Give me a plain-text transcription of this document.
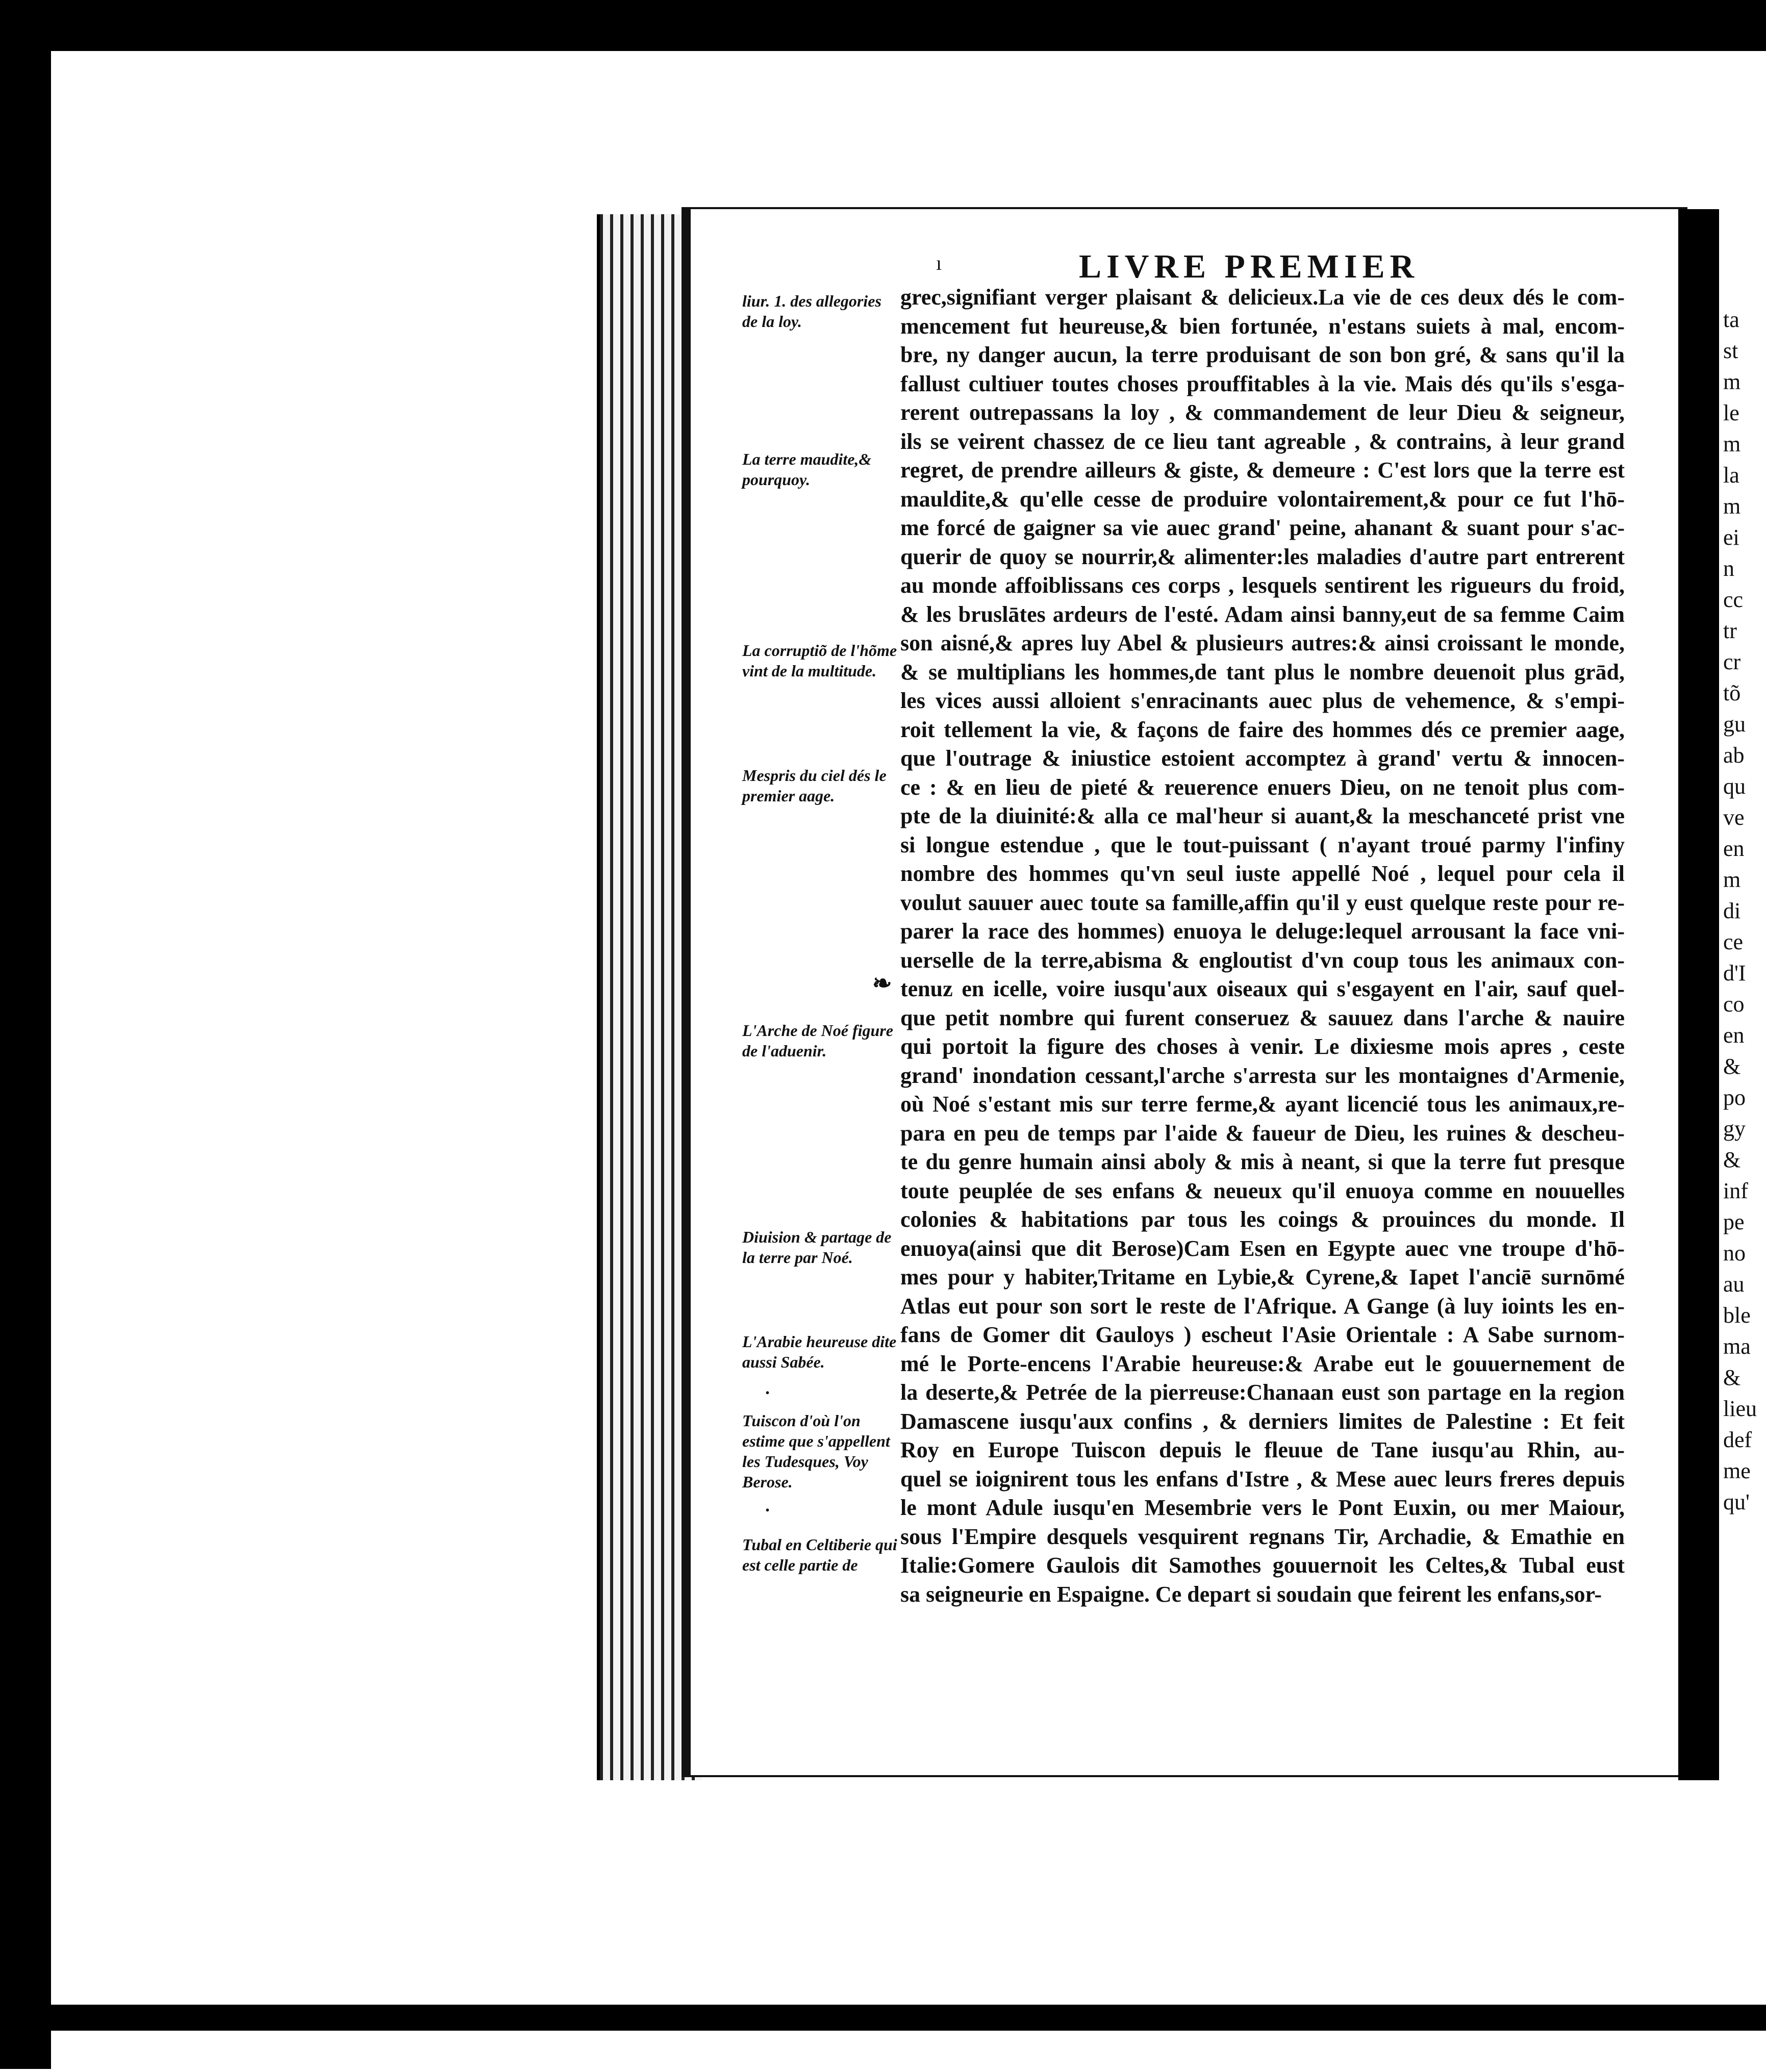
ta
st
m
le
m
la
m
ei
n
cc
tr
cr
tõ
gu
ab
qu
ve
en
m
di
ce
d'I
co
en
&
po
gy
&
inf
pe
no
au
ble
ma
&
lieu
def
me
qu'
ı	LIVRE PREMIER
liur. 1. des allegories de la loy.
La terre maudite,& pourquoy.
La corruptiõ de l'hõme vint de la multitude.
Mespris du ciel dés le premier aage.
L'Arche de Noé figure de l'aduenir.
Diuision & partage de la terre par Noé.
L'Arabie heureuse dite aussi Sabée.
Tuiscon d'où l'on estime que s'appellent les Tudesques, Voy Berose.
.
.
Tubal en Celtiberie qui est celle partie de
❧
grec,signifiant verger plaisant & delicieux.La vie de ces deux dés le com-
mencement fut heureuse,& bien fortunée, n'estans suiets à mal, encom-
bre, ny danger aucun, la terre produisant de son bon gré, & sans qu'il la
fallust cultiuer toutes choses prouffitables à la vie. Mais dés qu'ils s'esga-
rerent outrepassans la loy , & commandement de leur Dieu & seigneur,
ils se veirent chassez de ce lieu tant agreable , & contrains, à leur grand
regret, de prendre ailleurs & giste, & demeure : C'est lors que la terre est
mauldite,& qu'elle cesse de produire volontairement,& pour ce fut l'hō-
me forcé de gaigner sa vie auec grand' peine, ahanant & suant pour s'ac-
querir de quoy se nourrir,& alimenter:les maladies d'autre part entrerent
au monde affoiblissans ces corps , lesquels sentirent les rigueurs du froid,
& les bruslātes ardeurs de l'esté. Adam ainsi banny,eut de sa femme Caim
son aisné,& apres luy Abel & plusieurs autres:& ainsi croissant le monde,
& se multiplians les hommes,de tant plus le nombre deuenoit plus grād,
les vices aussi alloient s'enracinants auec plus de vehemence, & s'empi-
roit tellement la vie, & façons de faire des hommes dés ce premier aage,
que l'outrage & iniustice estoient accomptez à grand' vertu & innocen-
ce : & en lieu de pieté & reuerence enuers Dieu, on ne tenoit plus com-
pte de la diuinité:& alla ce mal'heur si auant,& la meschanceté prist vne
si longue estendue , que le tout-puissant ( n'ayant troué parmy l'infiny
nombre des hommes qu'vn seul iuste appellé Noé , lequel pour cela il
voulut sauuer auec toute sa famille,affin qu'il y eust quelque reste pour re-
parer la race des hommes) enuoya le deluge:lequel arrousant la face vni-
uerselle de la terre,abisma & engloutist d'vn coup tous les animaux con-
tenuz en icelle, voire iusqu'aux oiseaux qui s'esgayent en l'air, sauf quel-
que petit nombre qui furent conseruez & sauuez dans l'arche & nauire
qui portoit la figure des choses à venir. Le dixiesme mois apres , ceste
grand' inondation cessant,l'arche s'arresta sur les montaignes d'Armenie,
où Noé s'estant mis sur terre ferme,& ayant licencié tous les animaux,re-
para en peu de temps par l'aide & faueur de Dieu, les ruines & descheu-
te du genre humain ainsi aboly & mis à neant, si que la terre fut presque
toute peuplée de ses enfans & neueux qu'il enuoya comme en nouuelles
colonies & habitations par tous les coings & prouinces du monde. Il
enuoya(ainsi que dit Berose)Cam Esen en Egypte auec vne troupe d'hō-
mes pour y habiter,Tritame en Lybie,& Cyrene,& Iapet l'anciē surnōmé
Atlas eut pour son sort le reste de l'Afrique. A Gange (à luy ioints les en-
fans de Gomer dit Gauloys ) escheut l'Asie Orientale : A Sabe surnom-
mé le Porte-encens l'Arabie heureuse:& Arabe eut le gouuernement de
la deserte,& Petrée de la pierreuse:Chanaan eust son partage en la region
Damascene iusqu'aux confins , & derniers limites de Palestine : Et feit
Roy en Europe Tuiscon depuis le fleuue de Tane iusqu'au Rhin, au-
quel se ioignirent tous les enfans d'Istre , & Mese auec leurs freres depuis
le mont Adule iusqu'en Mesembrie vers le Pont Euxin, ou mer Maiour,
sous l'Empire desquels vesquirent regnans Tir, Archadie, & Emathie en
Italie:Gomere Gaulois dit Samothes gouuernoit les Celtes,& Tubal eust
sa seigneurie en Espaigne. Ce depart si soudain que feirent les enfans,sor-
